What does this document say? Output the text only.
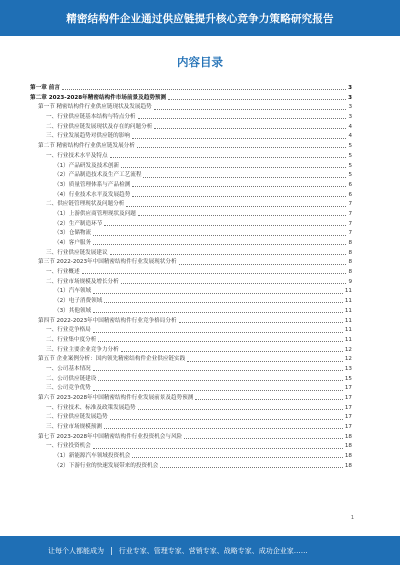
精密结构件企业通过供应链提升核心竞争力策略研究报告
内容目录
第一章 前言	3
第二章 2023-2028年精密结构件市场前景及趋势预测	3
第一节 精密结构件行业供应链现状及发展趋势	3
一、行业供应链基本结构与特点分析	3
二、行业供应链发展现状及存在的问题分析	4
三、行业发展趋势对供应链的影响	4
第二节 精密结构件行业供应链发展分析	5
一、行业技术水平及特点	5
（1）产品研发及技术创新	5
（2）产品制造技术及生产工艺流程	5
（3）质量管理体系与产品检测	6
（4）行业技术水平及发展趋势	6
二、供应链管理现状及问题分析	7
（1）上游供应商管理现状及问题	7
（2）生产制造环节	7
（3）仓储物流	7
（4）客户服务	8
三、行业供应链发展建议	8
第三节 2022-2023年中国精密结构件行业发展现状分析	8
一、行业概述	8
二、行业市场规模及增长分析	9
（1）汽车领域	11
（2）电子消费领域	11
（3）其他领域	11
第四节 2022-2023年中国精密结构件行业竞争格局分析	11
一、行业竞争格局	11
二、行业集中度分析	11
三、行业主要企业竞争力分析	12
第五节 企业案例分析：国内领先精密结构件企业供应链实践	12
一、公司基本情况	13
二、公司供应链建设	15
三、公司竞争优势	17
第六节 2023-2028年中国精密结构件行业发展前景及趋势预测	17
一、行业技术、标准及政策发展趋势	17
二、行业供应链发展趋势	17
三、行业市场规模预测	17
第七节 2023-2028年中国精密结构件行业投资机会与风险	18
一、行业投资机会	18
（1）新能源汽车领域投资机会	18
（2）下游行业的快速发展带来的投资机会	18
1
让每个人都能成为 | 行业专家、管理专家、营销专家、战略专家、成功企业家……
